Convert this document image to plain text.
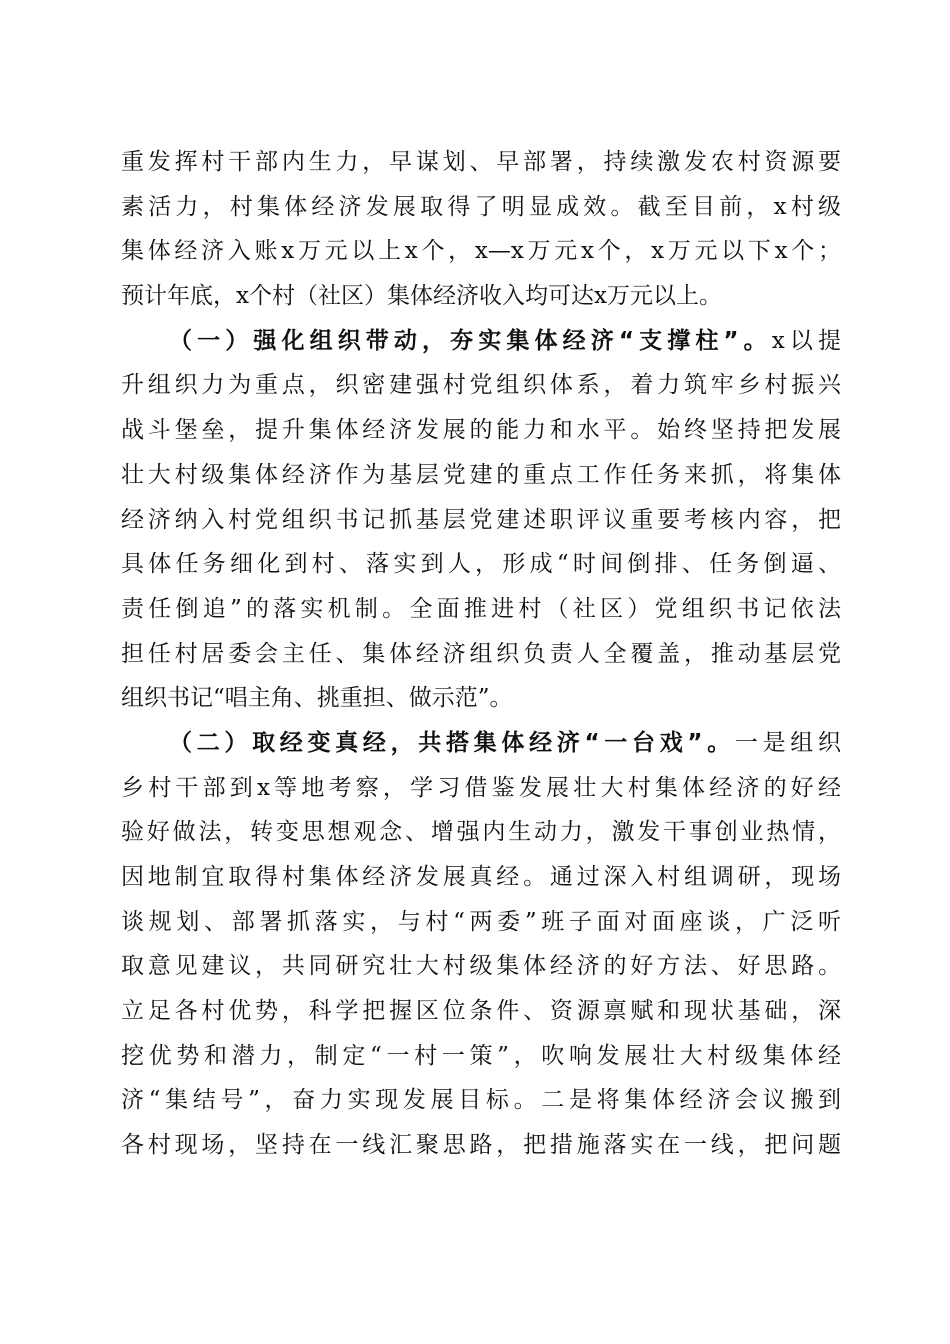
重发挥村干部内生力，早谋划、早部署，持续激发农村资源要
素活力，村集体经济发展取得了明显成效。截至目前，x村级
集体经济入账x万元以上x个，x—x万元x个，x万元以下x个；
预计年底，x个村（社区）集体经济收入均可达x万元以上。
（一）强化组织带动，夯实集体经济“支撑柱”。x以提
升组织力为重点，织密建强村党组织体系，着力筑牢乡村振兴
战斗堡垒，提升集体经济发展的能力和水平。始终坚持把发展
壮大村级集体经济作为基层党建的重点工作任务来抓，将集体
经济纳入村党组织书记抓基层党建述职评议重要考核内容，把
具体任务细化到村、落实到人，形成“时间倒排、任务倒逼、
责任倒追”的落实机制。全面推进村（社区）党组织书记依法
担任村居委会主任、集体经济组织负责人全覆盖，推动基层党
组织书记“唱主角、挑重担、做示范”。
（二）取经变真经，共搭集体经济“一台戏”。一是组织
乡村干部到x等地考察，学习借鉴发展壮大村集体经济的好经
验好做法，转变思想观念、增强内生动力，激发干事创业热情，
因地制宜取得村集体经济发展真经。通过深入村组调研，现场
谈规划、部署抓落实，与村“两委”班子面对面座谈，广泛听
取意见建议，共同研究壮大村级集体经济的好方法、好思路。
立足各村优势，科学把握区位条件、资源禀赋和现状基础，深
挖优势和潜力，制定“一村一策”，吹响发展壮大村级集体经
济“集结号”，奋力实现发展目标。二是将集体经济会议搬到
各村现场，坚持在一线汇聚思路，把措施落实在一线，把问题
